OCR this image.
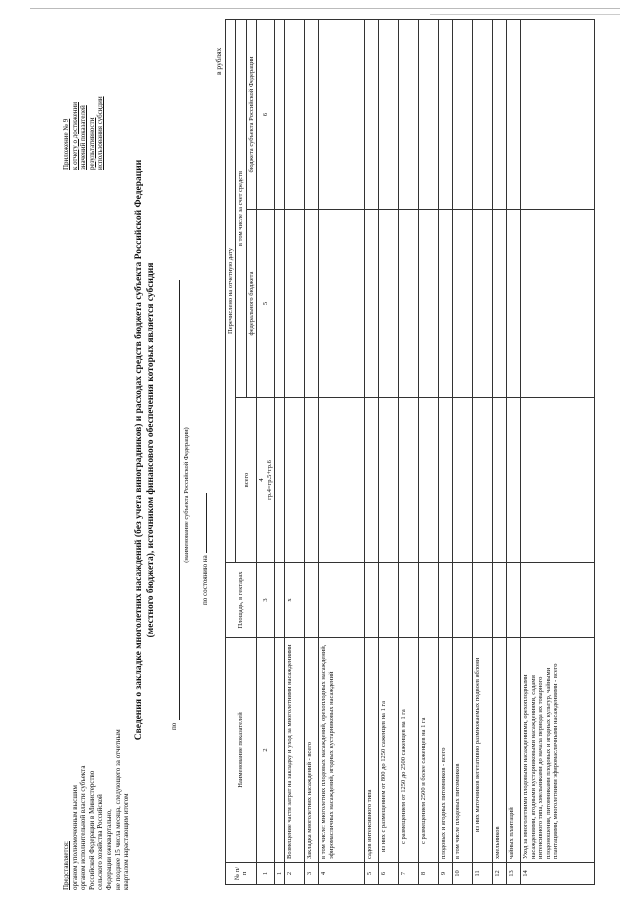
Представляется: органом уполномоченным высшим органом исполнительной власти субъекта Российской Федерации в Министерство сельского хозяйства Российской Федерации ежеквартально, не позднее 15 числа месяца, следующего за отчетным кварталом нарастающим итогом
Приложение № 9 к отчету о достижении значений показателей результативности использования субсидии
Сведения о закладке многолетних насаждений (без учета виноградников) и расходах средств бюджета субъекта Российской Федерации (местного бюджета), источником финансового обеспечения которых является субсидия
по
(наименование субъекта Российской Федерации)
по состоянию на
в рублях
№ п/п	Наименование показателей	Площадь, в гектарах	Перечислено на отчетную дату		
			всего	в том числе за счет средств	
				федерального бюджета	бюджета субъекта Российской Федерации
1	2	3	4 гр.4=гр.5+гр.6	5	6
1					
2	Возмещение части затрат на закладку и уход за многолетними насаждениями	x			
3	Закладка многолетних насаждений - всего				
4	в том числе: многолетних плодовых насаждений, орехоплодных насаждений, эфиромасличных насаждений, ягодных кустарниковых насаждений				
5	садов интенсивного типа				
6	из них с размещением от 800 до 1250 саженцев на 1 га				
7	с размещением от 1250 до 2500 саженцев на 1 га				
8	с размещением 2500 и более саженцев на 1 га				
9	плодовых и ягодных питомников - всего				
10	в том числе плодовых питомников				
11	из них маточников вегетативно размножаемых подвоев яблони				
12	хмельников				
13	чайных плантаций				
14	Уход за многолетними плодовыми насаждениями, орехоплодными насаждениями, ягодными кустарниковыми насаждениями, садами интенсивного типа, хмельниками до начала периода их товарного плодоношения, питомниками плодовых и ягодных культур, чайными плантациями, многолетними эфиромасличными насаждениями - всего				
